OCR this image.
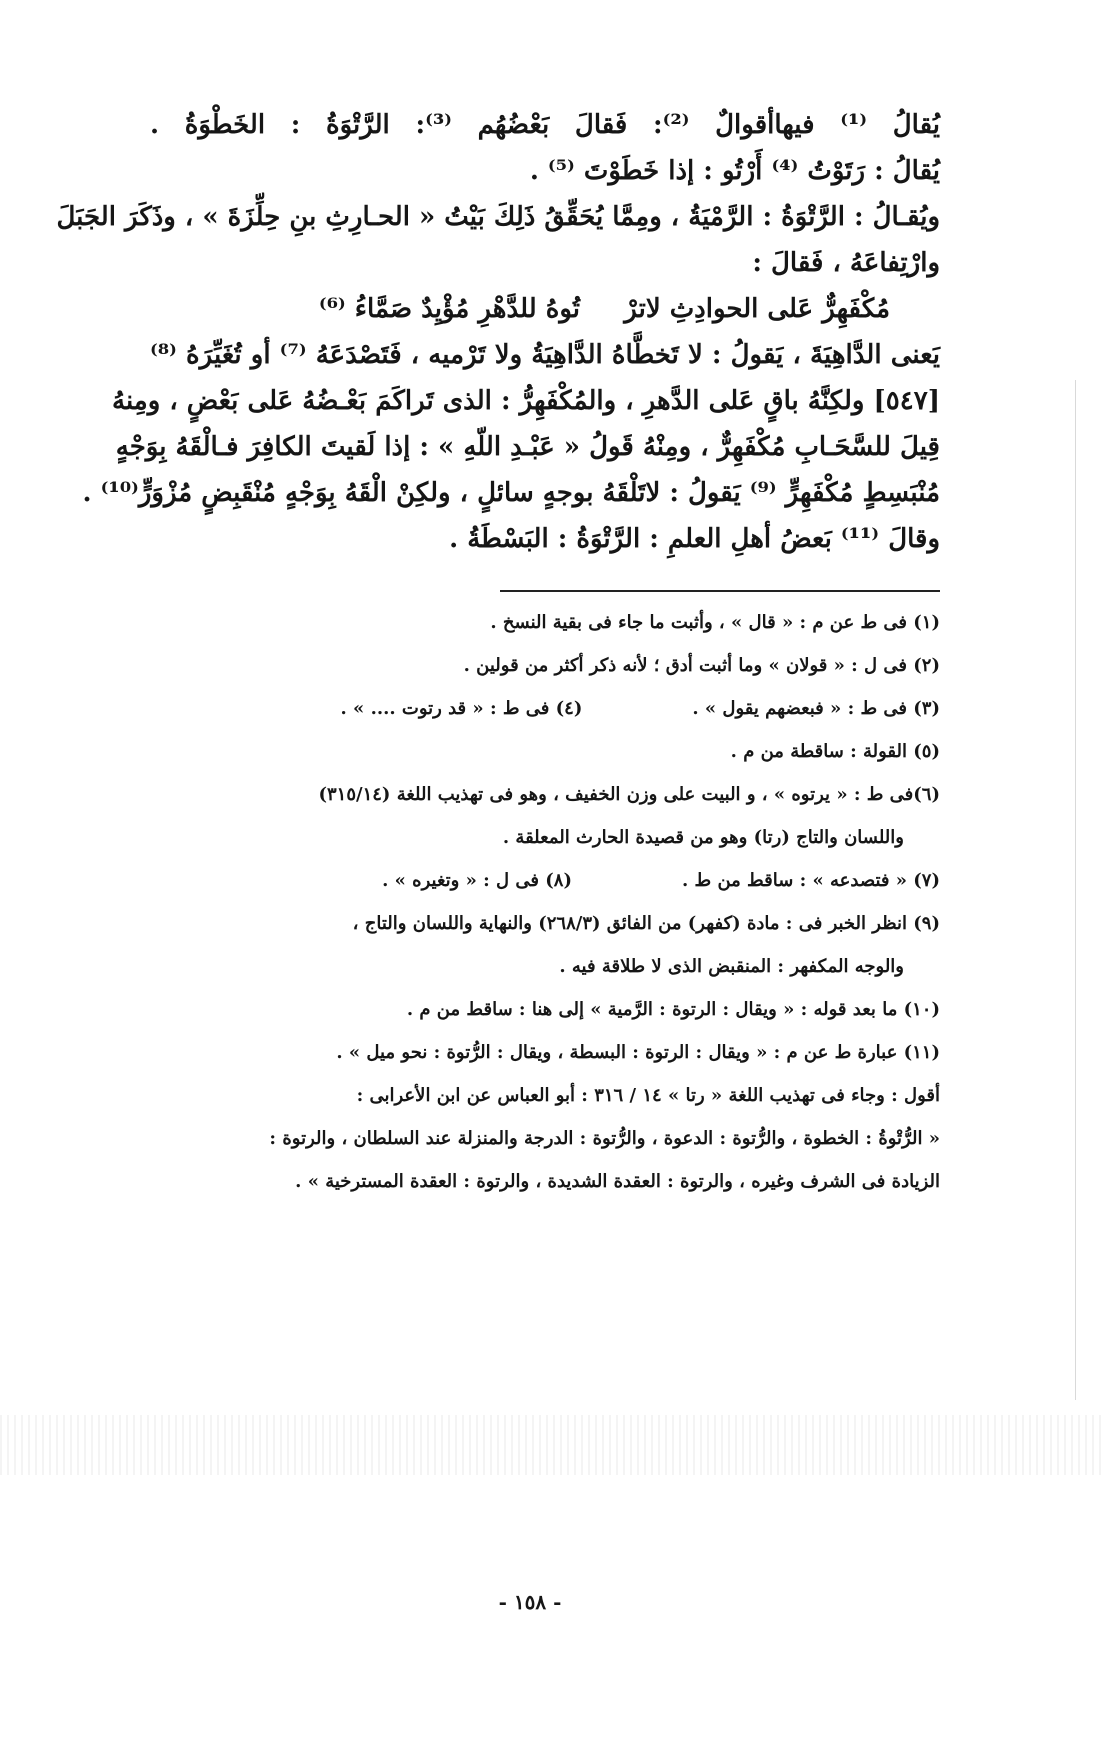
يُقالُ ⁽¹⁾ فيهاأقوالٌ ⁽²⁾: فَقالَ بَعْضُهُم ⁽³⁾: الرَّتْوَةُ : الخَطْوَةُ .
يُقالُ : رَتَوْتُ ⁽⁴⁾ أَرْتُو : إذا خَطَوْتَ ⁽⁵⁾ .
ويُقـالُ : الرَّتْوَةُ : الرَّمْيَةُ ، ومِمَّا يُحَقِّقُ ذَلِكَ بَيْتُ « الحـارِثِ بنِ حِلِّزَةَ » ، وذَكَرَ الجَبَلَ
وارْتِفاعَهُ ، فَقالَ :
مُكْفَهِرٌّ عَلى الحوادِثِ لاترْتُوهُ للدَّهْرِ مُؤْيِدٌ صَمَّاءُ ⁽⁶⁾
يَعنى الدَّاهِيَةَ ، يَقولُ : لا تَخطَّاهُ الدَّاهِيَةُ ولا تَرْميه ، فَتَصْدَعَهُ ⁽⁷⁾ أو تُغَيِّرَهُ ⁽⁸⁾
[٥٤٧] ولكِنَّهُ باقٍ عَلى الدَّهرِ ، والمُكْفَهِرُّ : الذى تَراكَمَ بَعْـضُهُ عَلى بَعْضٍ ، ومِنهُ
قِيلَ للسَّحَـابِ مُكْفَهِرٌّ ، ومِنْهُ قَولُ « عَبْـدِ اللّهِ » : إذا لَقيتَ الكافِرَ فـالْقَهُ بِوَجْهٍ
مُنْبَسِطٍ مُكْفَهِرٍّ ⁽⁹⁾ يَقولُ : لاتَلْقَهُ بوجهٍ سائلٍ ، ولكِنْ الْقَهُ بِوَجْهٍ مُنْقَبِضٍ مُزْوَرٍّ⁽¹⁰⁾ .
وقالَ ⁽¹¹⁾ بَعضُ أهلِ العلمِ : الرَّتْوَةُ : البَسْطَةُ .
(١) فى ط عن م : « قال » ، وأثبت ما جاء فى بقية النسخ .
(٢) فى ل : « قولان » وما أثبت أدق ؛ لأنه ذكر أكثر من قولين .
(٣) فى ط : « فبعضهم يقول » .(٤) فى ط : « قد رتوت .... » .
(٥) القولة : ساقطة من م .
(٦)فى ط : « يرتوه » ، و البيت على وزن الخفيف ، وهو فى تهذيب اللغة (٣١٥/١٤)
واللسان والتاج (رتا) وهو من قصيدة الحارث المعلقة .
(٧) « فتصدعه » : ساقط من ط .(٨) فى ل : « وتغيره » .
(٩) انظر الخبر فى : مادة (كفهر) من الفائق (٢٦٨/٣) والنهاية واللسان والتاج ،
والوجه المكفهر : المنقبض الذى لا طلاقة فيه .
(١٠) ما بعد قوله : « ويقال : الرتوة : الرَّمية » إلى هنا : ساقط من م .
(١١) عبارة ط عن م : « ويقال : الرتوة : البسطة ، ويقال : الرُّتوة : نحو ميل » .
أقول : وجاء فى تهذيب اللغة « رتا » ١٤ / ٣١٦ : أبو العباس عن ابن الأعرابى :
« الرُّتْوةُ : الخطوة ، والرُّتوة : الدعوة ، والرُّتوة : الدرجة والمنزلة عند السلطان ، والرتوة :
الزيادة فى الشرف وغيره ، والرتوة : العقدة الشديدة ، والرتوة : العقدة المسترخية » .
- ١٥٨ -
